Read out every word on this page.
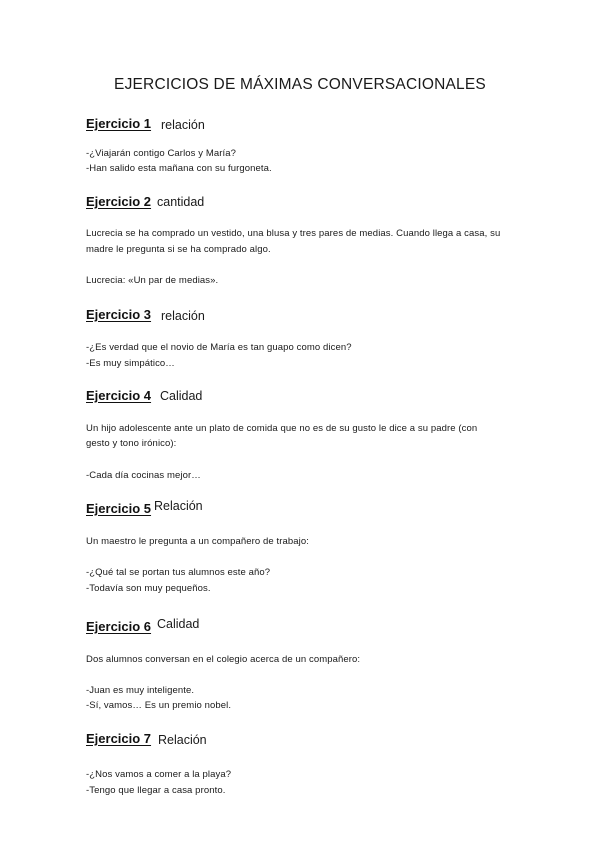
EJERCICIOS DE MÁXIMAS CONVERSACIONALES
Ejercicio 1 relación
-¿Viajarán contigo Carlos y María?
-Han salido esta mañana con su furgoneta.
Ejercicio 2 cantidad
Lucrecia se ha comprado un vestido, una blusa y tres pares de medias. Cuando llega a casa, su
madre le pregunta si se ha comprado algo.
Lucrecia: «Un par de medias».
Ejercicio 3 relación
-¿Es verdad que el novio de María es tan guapo como dicen?
-Es muy simpático…
Ejercicio 4 Calidad
Un hijo adolescente ante un plato de comida que no es de su gusto le dice a su padre (con
gesto y tono irónico):
-Cada día cocinas mejor…
Ejercicio 5 Relación
Un maestro le pregunta a un compañero de trabajo:
-¿Qué tal se portan tus alumnos este año?
-Todavía son muy pequeños.
Ejercicio 6 Calidad
Dos alumnos conversan en el colegio acerca de un compañero:
-Juan es muy inteligente.
-Sí, vamos… Es un premio nobel.
Ejercicio 7 Relación
-¿Nos vamos a comer a la playa?
-Tengo que llegar a casa pronto.
